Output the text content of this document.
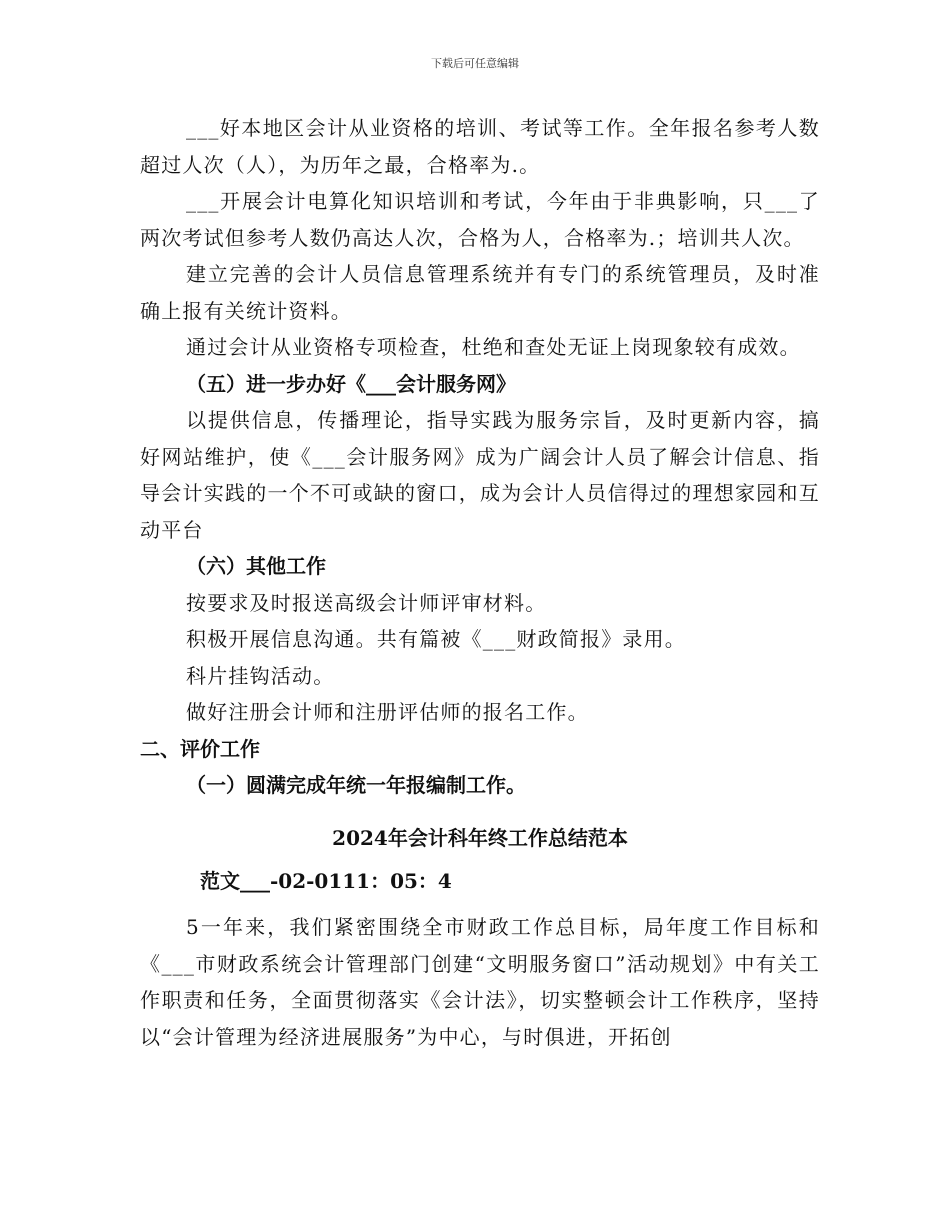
下载后可任意编辑

___好本地区会计从业资格的培训、考试等工作。全年报名参考人数超过人次（人），为历年之最，合格率为.。

___开展会计电算化知识培训和考试，今年由于非典影响，只___了两次考试但参考人数仍高达人次，合格为人，合格率为.；培训共人次。

建立完善的会计人员信息管理系统并有专门的系统管理员，及时准确上报有关统计资料。

通过会计从业资格专项检查，杜绝和查处无证上岗现象较有成效。

（五）进一步办好《___会计服务网》

以提供信息，传播理论，指导实践为服务宗旨，及时更新内容，搞好网站维护，使《___会计服务网》成为广阔会计人员了解会计信息、指导会计实践的一个不可或缺的窗口，成为会计人员信得过的理想家园和互动平台

（六）其他工作

按要求及时报送高级会计师评审材料。

积极开展信息沟通。共有篇被《___财政简报》录用。

科片挂钩活动。

做好注册会计师和注册评估师的报名工作。

二、评价工作
（一）圆满完成年统一年报编制工作。
2024年会计科年终工作总结范本
范文___-02-0111：05：4

5一年来，我们紧密围绕全市财政工作总目标，局年度工作目标和《___市财政系统会计管理部门创建“文明服务窗口”活动规划》中有关工作职责和任务，全面贯彻落实《会计法》，切实整顿会计工作秩序，坚持以“会计管理为经济进展服务”为中心，与时俱进，开拓创
